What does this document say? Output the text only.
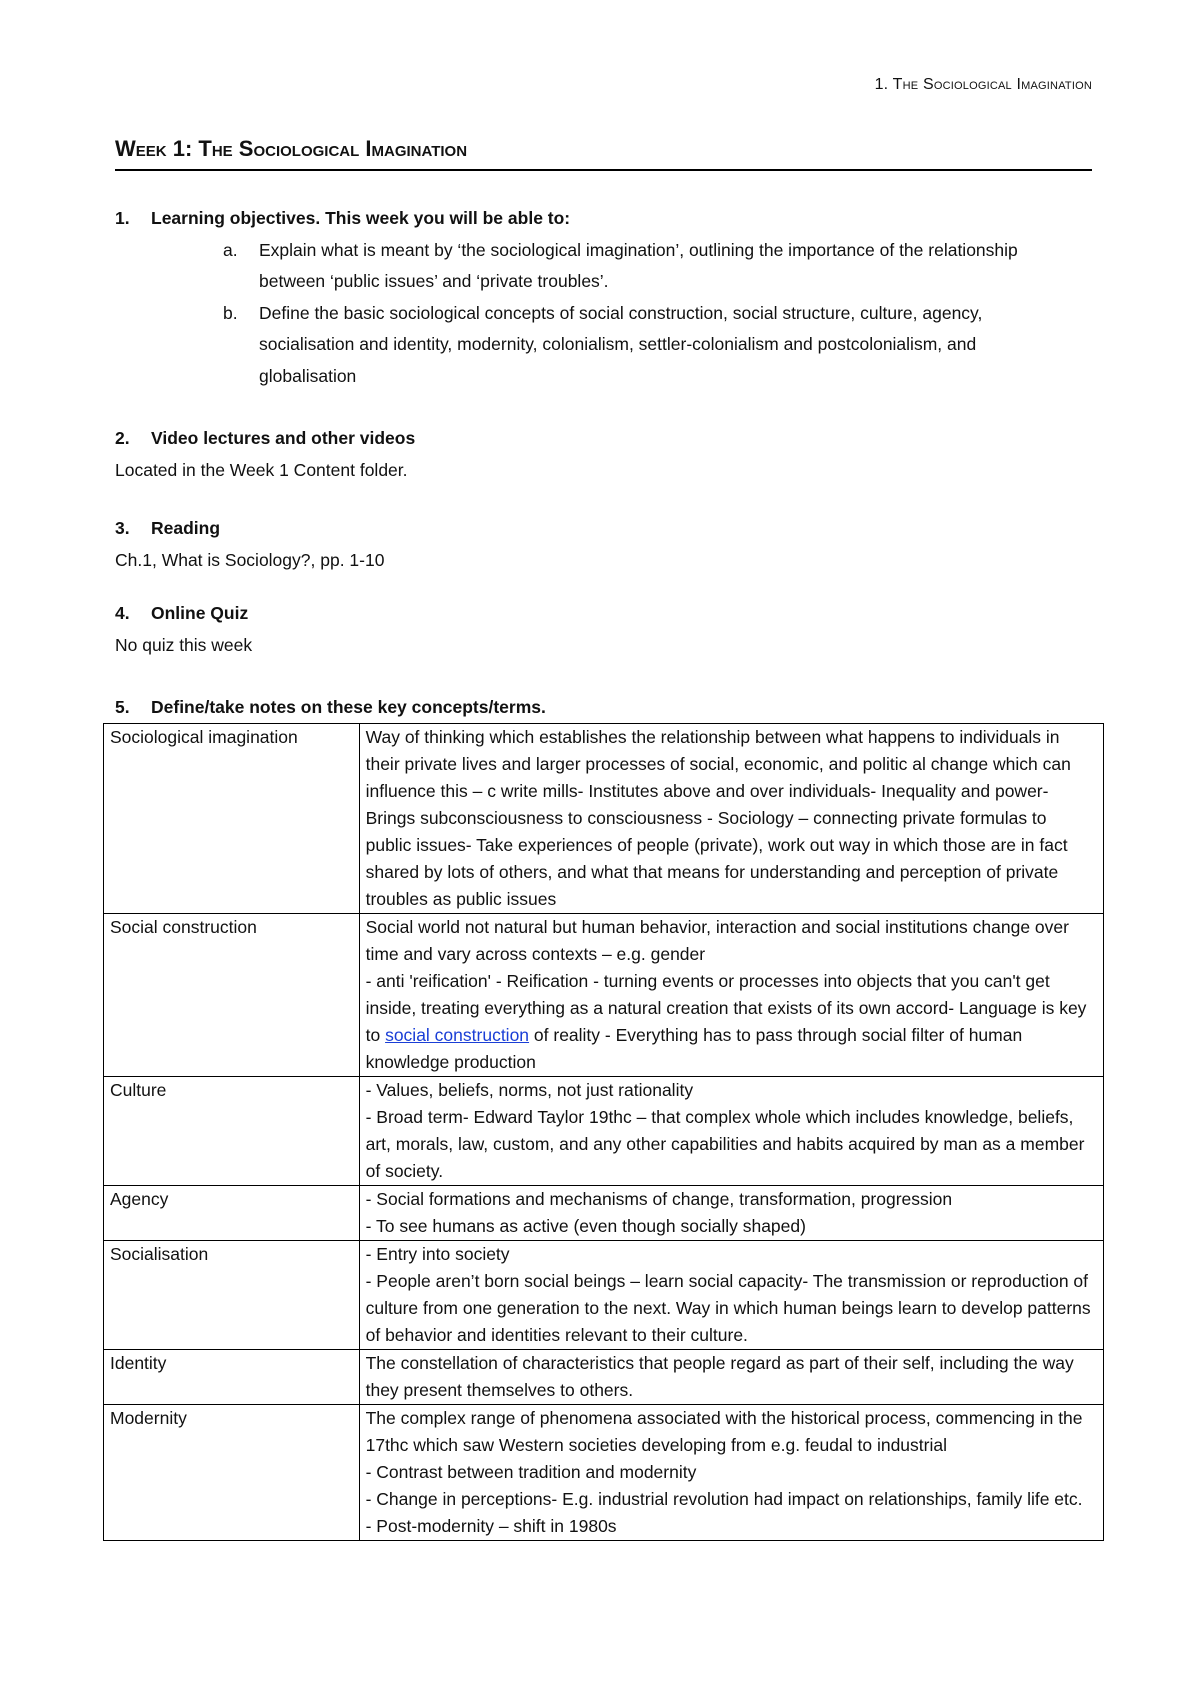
1. The Sociological Imagination
Week 1: The Sociological Imagination
1.	Learning objectives. This week you will be able to:
a.	Explain what is meant by ‘the sociological imagination’, outlining the importance of the relationship between ‘public issues’ and ‘private troubles’.
b.	Define the basic sociological concepts of social construction, social structure, culture, agency, socialisation and identity, modernity, colonialism, settler-colonialism and postcolonialism, and globalisation
2.	Video lectures and other videos

Located in the Week 1 Content folder.

3.	Reading

Ch.1, What is Sociology?, pp. 1-10

4.	Online Quiz

No quiz this week

5.	Define/take notes on these key concepts/terms.
Sociological imagination	Way of thinking which establishes the relationship between what happens to individuals in their private lives and larger processes of social, economic, and politic al change which can influence this – c write mills- Institutes above and over individuals- Inequality and power- Brings subconsciousness to consciousness - Sociology – connecting private formulas to public issues- Take experiences of people (private), work out way in which those are in fact shared by lots of others, and what that means for understanding and perception of private troubles as public issues

Social construction	Social world not natural but human behavior, interaction and social institutions change over time and vary across contexts – e.g. gender
- anti 'reification' - Reification - turning events or processes into objects that you can't get inside, treating everything as a natural creation that exists of its own accord- Language is key to social construction of reality - Everything has to pass through social filter of human knowledge production

Culture	- Values, beliefs, norms, not just rationality
- Broad term- Edward Taylor 19thc – that complex whole which includes knowledge, beliefs, art, morals, law, custom, and any other capabilities and habits acquired by man as a member of society.

Agency	- Social formations and mechanisms of change, transformation, progression
- To see humans as active (even though socially shaped)

Socialisation	- Entry into society
- People aren’t born social beings – learn social capacity- The transmission or reproduction of culture from one generation to the next. Way in which human beings learn to develop patterns of behavior and identities relevant to their culture.

Identity	The constellation of characteristics that people regard as part of their self, including the way they present themselves to others.

Modernity	The complex range of phenomena associated with the historical process, commencing in the 17thc which saw Western societies developing from e.g. feudal to industrial
- Contrast between tradition and modernity
- Change in perceptions- E.g. industrial revolution had impact on relationships, family life etc.
- Post-modernity – shift in 1980s
